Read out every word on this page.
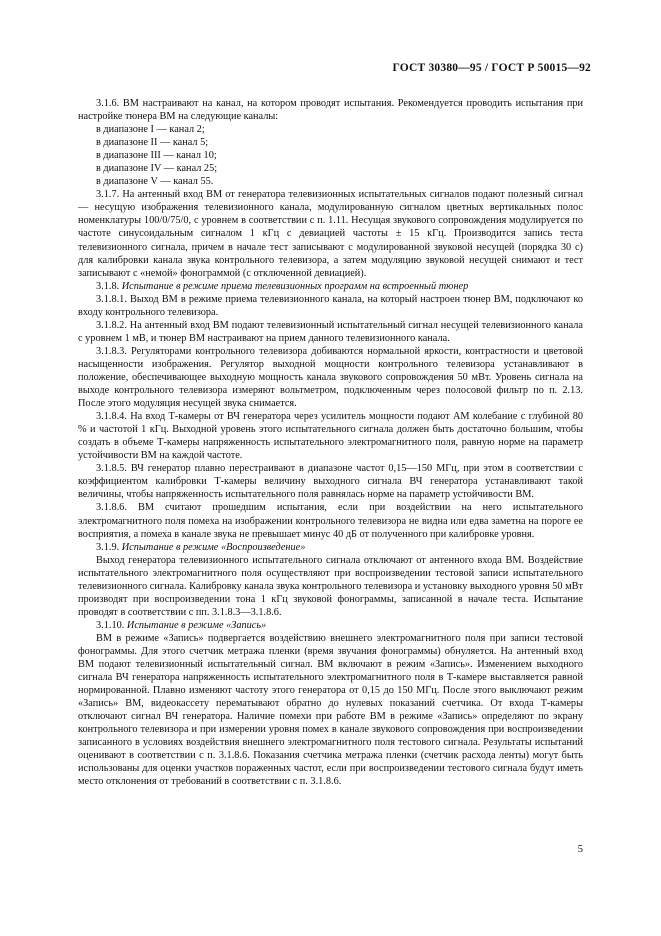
ГОСТ 30380—95 / ГОСТ Р 50015—92

3.1.6. ВМ настраивают на канал, на котором проводят испытания. Рекомендуется проводить испытания при настройке тюнера ВМ на следующие каналы:

в диапазоне I — канал 2;

в диапазоне II — канал 5;

в диапазоне III — канал 10;

в диапазоне IV — канал 25;

в диапазоне V — канал 55.

3.1.7. На антенный вход ВМ от генератора телевизионных испытательных сигналов подают полезный сигнал — несущую изображения телевизионного канала, модулированную сигналом цветных вертикальных полос номенклатуры 100/0/75/0, с уровнем в соответствии с п. 1.11. Несущая звукового сопровождения модулируется по частоте синусоидальным сигналом 1 кГц с девиацией частоты ± 15 кГц. Производится запись теста телевизионного сигнала, причем в начале тест записывают с модулированной звуковой несущей (порядка 30 с) для калибровки канала звука контрольного телевизора, а затем модуляцию звуковой несущей снимают и тест записывают с «немой» фонограммой (с отключенной девиацией).

3.1.8. Испытание в режиме приема телевизионных программ на встроенный тюнер

3.1.8.1. Выход ВМ в режиме приема телевизионного канала, на который настроен тюнер ВМ, подключают ко входу контрольного телевизора.

3.1.8.2. На антенный вход ВМ подают телевизионный испытательный сигнал несущей телевизионного канала с уровнем 1 мВ, и тюнер ВМ настраивают на прием данного телевизионного канала.

3.1.8.3. Регуляторами контрольного телевизора добиваются нормальной яркости, контрастности и цветовой насыщенности изображения. Регулятор выходной мощности контрольного телевизора устанавливают в положение, обеспечивающее выходную мощность канала звукового сопровождения 50 мВт. Уровень сигнала на выходе контрольного телевизора измеряют вольтметром, подключенным через полосовой фильтр по п. 2.13. После этого модуляция несущей звука снимается.

3.1.8.4. На вход Т-камеры от ВЧ генератора через усилитель мощности подают АМ колебание с глубиной 80 % и частотой 1 кГц. Выходной уровень этого испытательного сигнала должен быть достаточно большим, чтобы создать в объеме Т-камеры напряженность испытательного электромагнитного поля, равную норме на параметр устойчивости ВМ на каждой частоте.

3.1.8.5. ВЧ генератор плавно перестраивают в диапазоне частот 0,15—150 МГц, при этом в соответствии с коэффициентом калибровки Т-камеры величину выходного сигнала ВЧ генератора устанавливают такой величины, чтобы напряженность испытательного поля равнялась норме на параметр устойчивости ВМ.

3.1.8.6. ВМ считают прошедшим испытания, если при воздействии на него испытательного электромагнитного поля помеха на изображении контрольного телевизора не видна или едва заметна на пороге ее восприятия, а помеха в канале звука не превышает минус 40 дБ от полученного при калибровке уровня.

3.1.9. Испытание в режиме «Воспроизведение»

Выход генератора телевизионного испытательного сигнала отключают от антенного входа ВМ. Воздействие испытательного электромагнитного поля осуществляют при воспроизведении тестовой записи испытательного телевизионного сигнала. Калибровку канала звука контрольного телевизора и установку выходного уровня 50 мВт производят при воспроизведении тона 1 кГц звуковой фонограммы, записанной в начале теста. Испытание проводят в соответствии с пп. 3.1.8.3—3.1.8.6.

3.1.10. Испытание в режиме «Запись»

ВМ в режиме «Запись» подвергается воздействию внешнего электромагнитного поля при записи тестовой фонограммы. Для этого счетчик метража пленки (время звучания фонограммы) обнуляется. На антенный вход ВМ подают телевизионный испытательный сигнал. ВМ включают в режим «Запись». Изменением выходного сигнала ВЧ генератора напряженность испытательного электромагнитного поля в Т-камере выставляется равной нормированной. Плавно изменяют частоту этого генератора от 0,15 до 150 МГц. После этого выключают режим «Запись» ВМ, видеокассету перематывают обратно до нулевых показаний счетчика. От входа Т-камеры отключают сигнал ВЧ генератора. Наличие помехи при работе ВМ в режиме «Запись» определяют по экрану контрольного телевизора и при измерении уровня помех в канале звукового сопровождения при воспроизведении записанного в условиях воздействия внешнего электромагнитного поля тестового сигнала. Результаты испытаний оценивают в соответствии с п. 3.1.8.6. Показания счетчика метража пленки (счетчик расхода ленты) могут быть использованы для оценки участков пораженных частот, если при воспроизведении тестового сигнала будут иметь место отклонения от требований в соответствии с п. 3.1.8.6.

5
